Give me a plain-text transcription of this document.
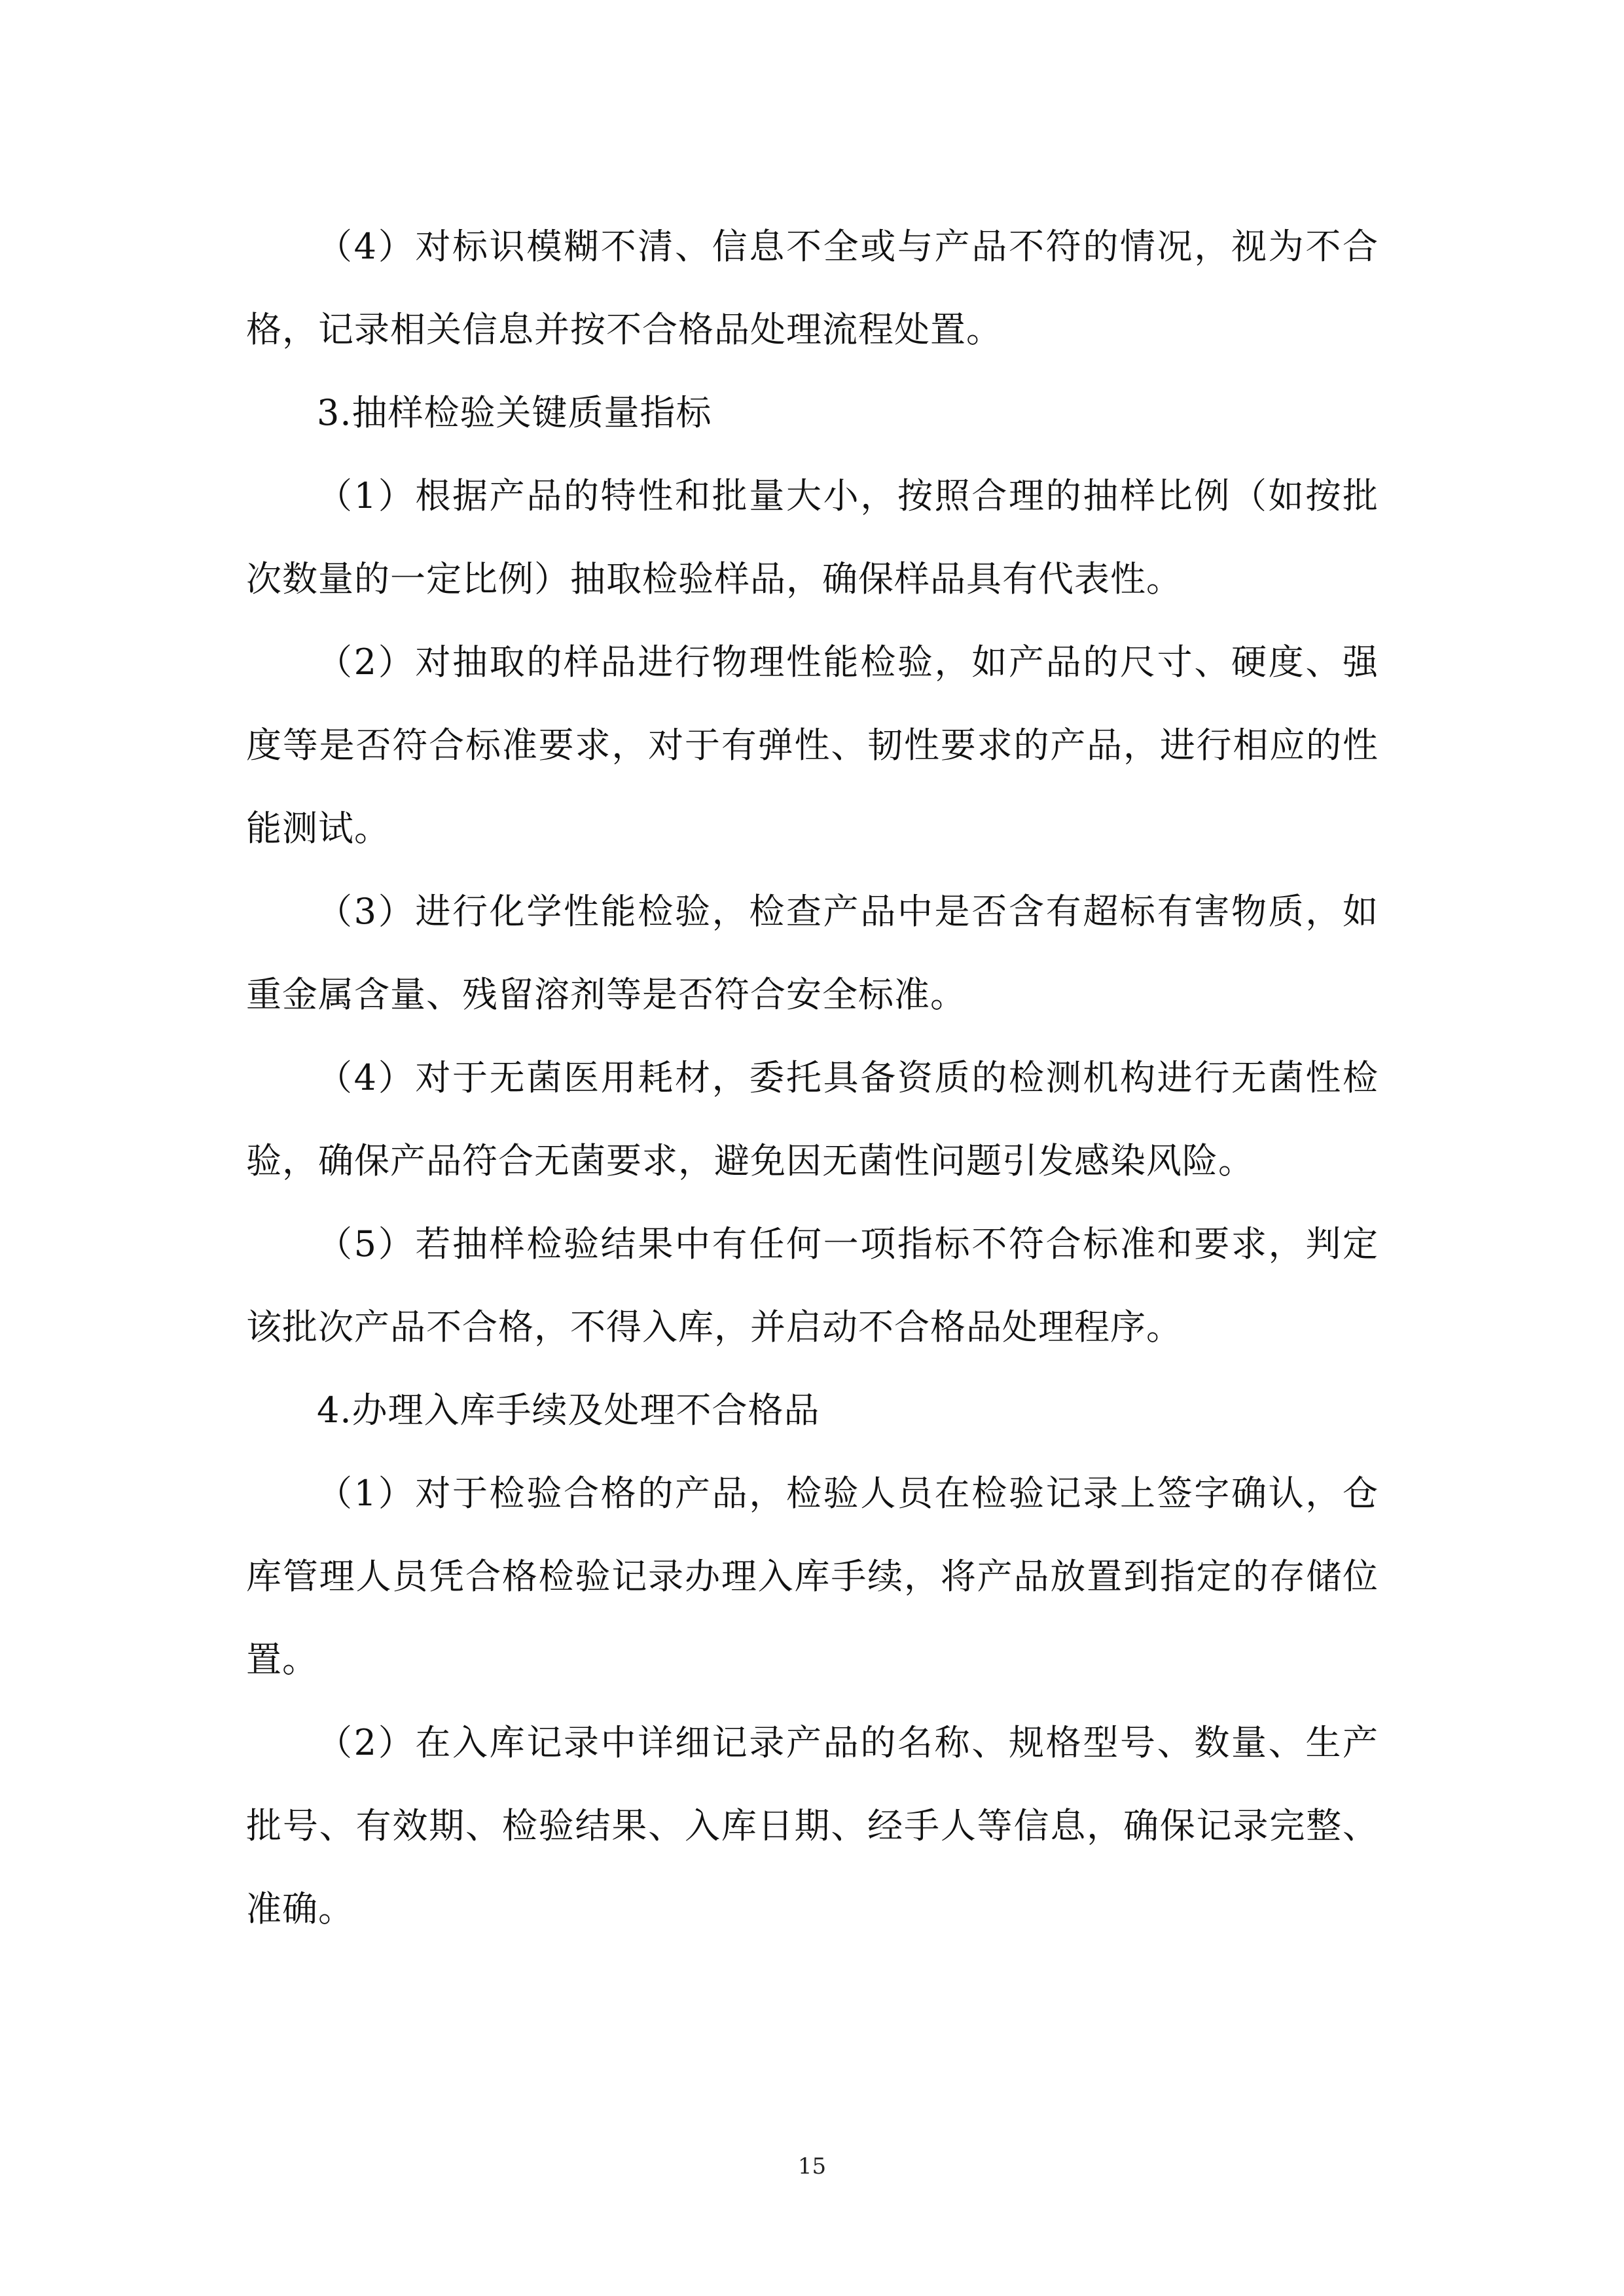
（4）对标识模糊不清、信息不全或与产品不符的情况，视为不合格，记录相关信息并按不合格品处理流程处置。

3.抽样检验关键质量指标

（1）根据产品的特性和批量大小，按照合理的抽样比例（如按批次数量的一定比例）抽取检验样品，确保样品具有代表性。

（2）对抽取的样品进行物理性能检验，如产品的尺寸、硬度、强度等是否符合标准要求，对于有弹性、韧性要求的产品，进行相应的性能测试。

（3）进行化学性能检验，检查产品中是否含有超标有害物质，如重金属含量、残留溶剂等是否符合安全标准。

（4）对于无菌医用耗材，委托具备资质的检测机构进行无菌性检验，确保产品符合无菌要求，避免因无菌性问题引发感染风险。

（5）若抽样检验结果中有任何一项指标不符合标准和要求，判定该批次产品不合格，不得入库，并启动不合格品处理程序。

4.办理入库手续及处理不合格品

（1）对于检验合格的产品，检验人员在检验记录上签字确认，仓库管理人员凭合格检验记录办理入库手续，将产品放置到指定的存储位置。

（2）在入库记录中详细记录产品的名称、规格型号、数量、生产批号、有效期、检验结果、入库日期、经手人等信息，确保记录完整、准确。

15
